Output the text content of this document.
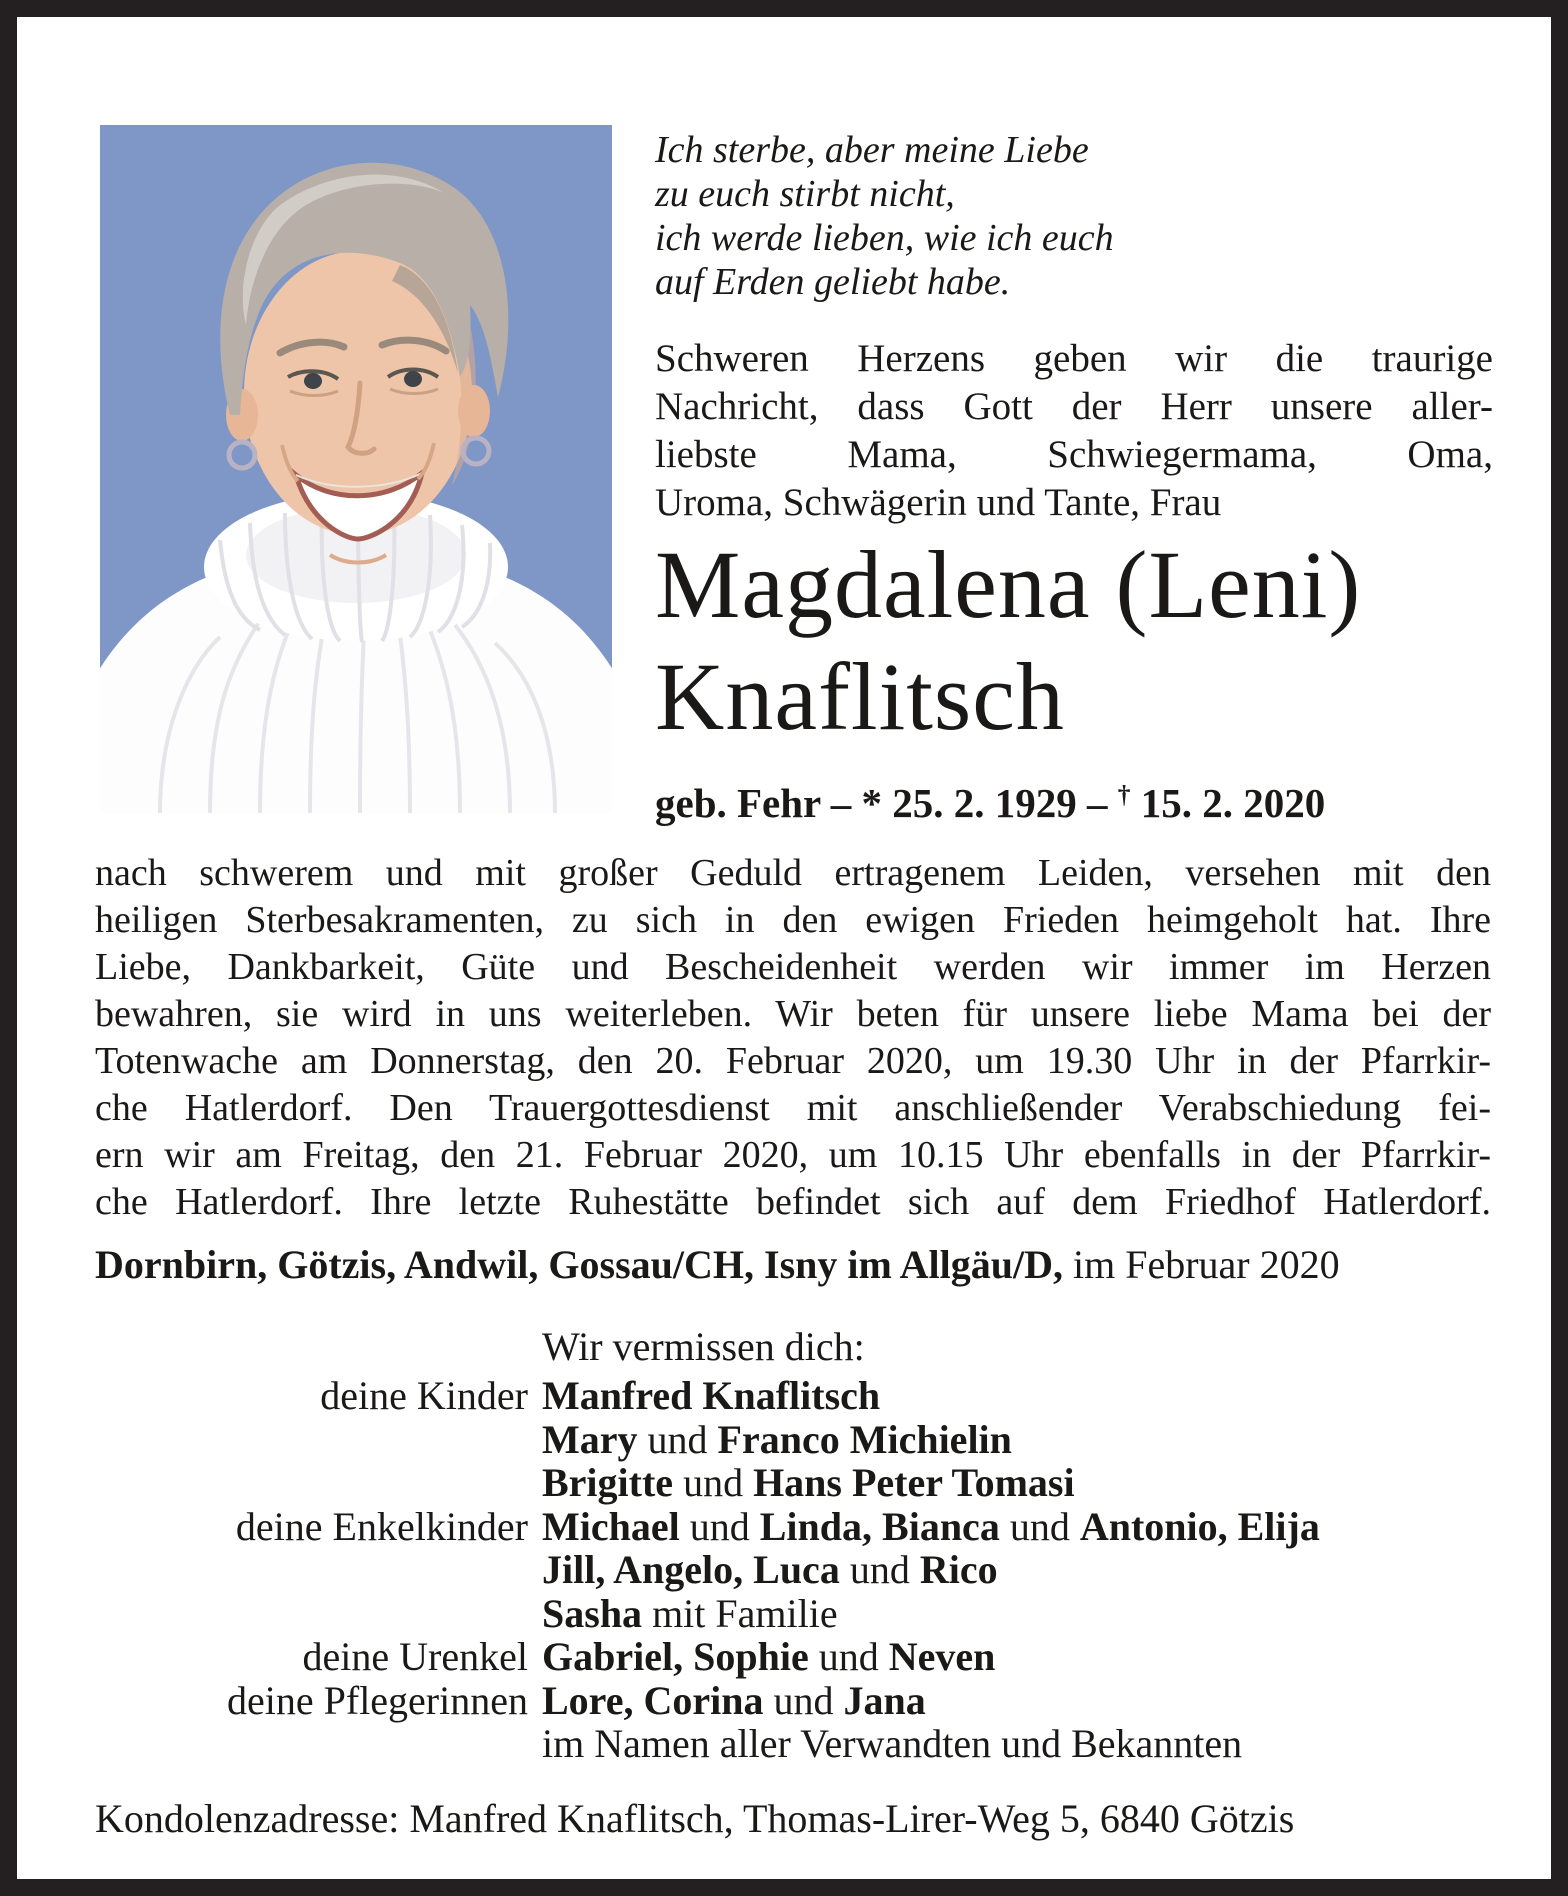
Ich sterbe, aber meine Liebe
zu euch stirbt nicht,
ich werde lieben, wie ich euch
auf Erden geliebt habe.
Schweren Herzens geben wir die traurige
Nachricht, dass Gott der Herr unsere aller-
liebste Mama, Schwiegermama, Oma,
Uroma, Schwägerin und Tante, Frau
Magdalena (Leni)
Knaflitsch
geb. Fehr – * 25. 2. 1929 – † 15. 2. 2020
nach schwerem und mit großer Geduld ertragenem Leiden, versehen mit den
heiligen Sterbesakramenten, zu sich in den ewigen Frieden heimgeholt hat. Ihre
Liebe, Dankbarkeit, Güte und Bescheidenheit werden wir immer im Herzen
bewahren, sie wird in uns weiterleben. Wir beten für unsere liebe Mama bei der
Totenwache am Donnerstag, den 20. Februar 2020, um 19.30 Uhr in der Pfarrkir-
che Hatlerdorf. Den Trauergottesdienst mit anschließender Verabschiedung fei-
ern wir am Freitag, den 21. Februar 2020, um 10.15 Uhr ebenfalls in der Pfarrkir-
che Hatlerdorf. Ihre letzte Ruhestätte befindet sich auf dem Friedhof Hatlerdorf.
Dornbirn, Götzis, Andwil, Gossau/CH, Isny im Allgäu/D, im Februar 2020
Wir vermissen dich:
deine Kinder Manfred Knaflitsch
Mary und Franco Michielin
Brigitte und Hans Peter Tomasi
deine Enkelkinder Michael und Linda, Bianca und Antonio, Elija
Jill, Angelo, Luca und Rico
Sasha mit Familie
deine Urenkel Gabriel, Sophie und Neven
deine Pflegerinnen Lore, Corina und Jana
im Namen aller Verwandten und Bekannten
Kondolenzadresse: Manfred Knaflitsch, Thomas-Lirer-Weg 5, 6840 Götzis
